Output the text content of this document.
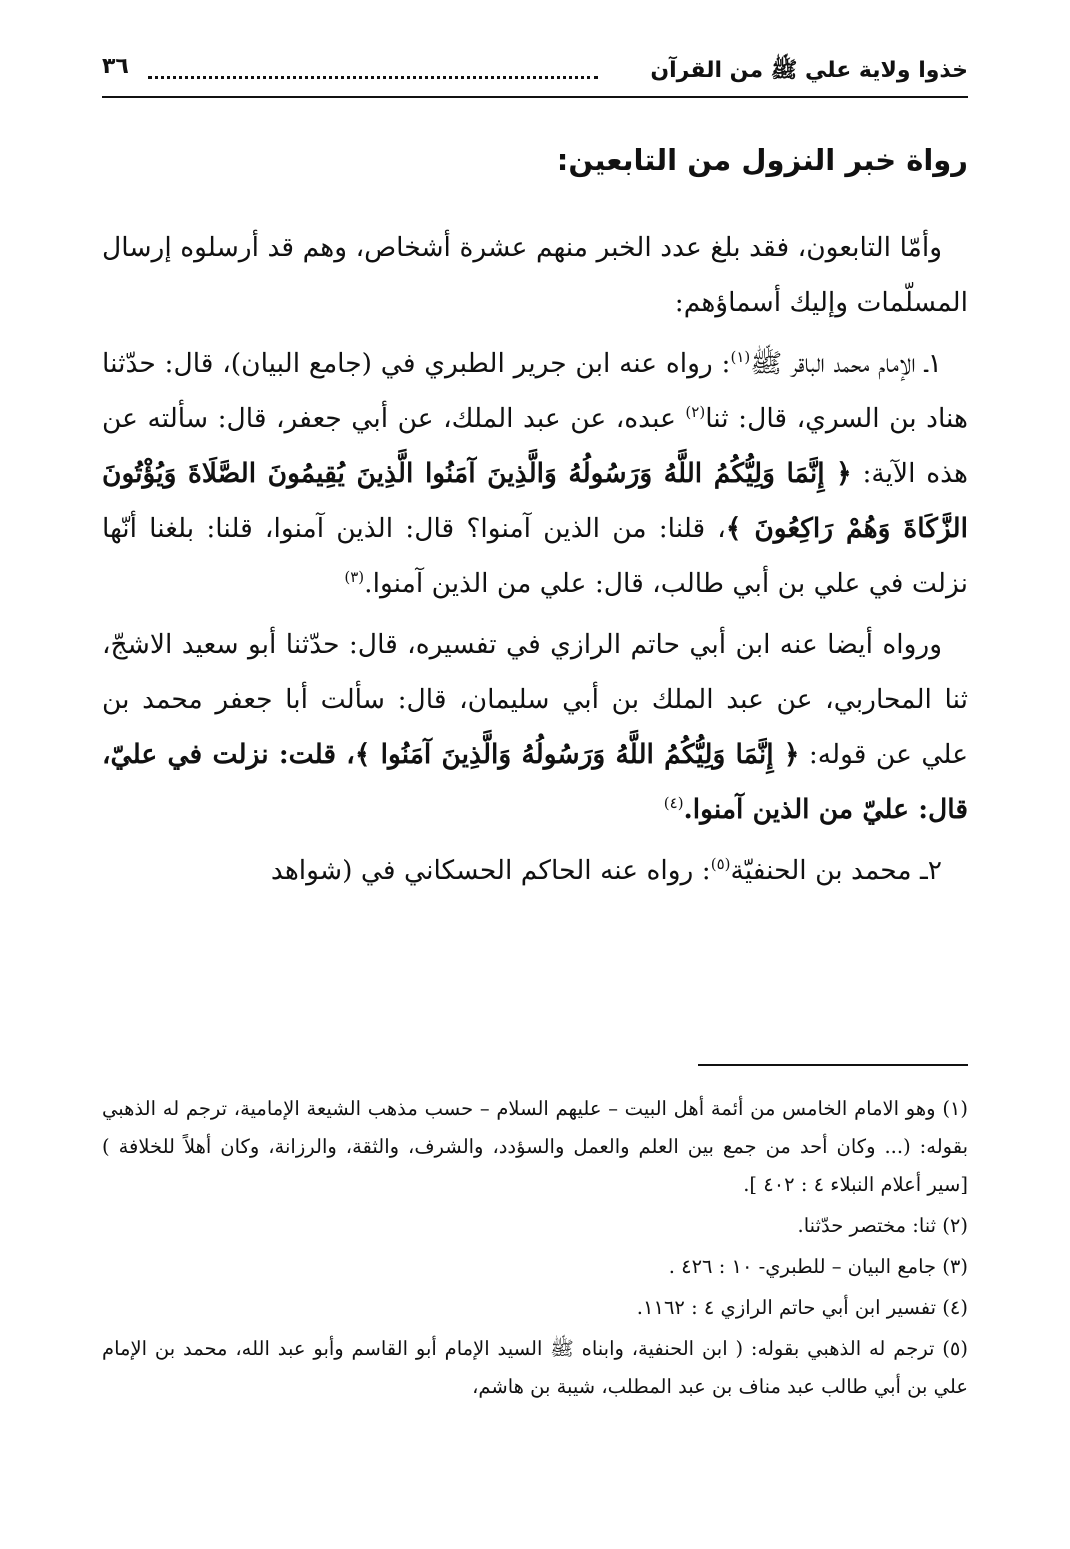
خذوا ولاية علي ﷺ من القرآن
٣٦
رواة خبر النزول من التابعين:

وأمّا التابعون، فقد بلغ عدد الخبر منهم عشرة أشخاص، وهم قد أرسلوه إرسال المسلّمات وإليك أسماؤهم:

١ـ الإمام محمد الباقر ﷺ$^{(١)}$: رواه عنه ابن جرير الطبري في (جامع البيان)، قال: حدّثنا هناد بن السري، قال: ثنا$^{(٢)}$ عبده، عن عبد الملك، عن أبي جعفر، قال: سألته عن هذه الآية: ﴿ إِنَّمَا وَلِيُّكُمُ اللَّهُ وَرَسُولُهُ وَالَّذِينَ آمَنُوا الَّذِينَ يُقِيمُونَ الصَّلَاةَ وَيُؤْتُونَ الزَّكَاةَ وَهُمْ رَاكِعُونَ ﴾، قلنا: من الذين آمنوا؟ قال: الذين آمنوا، قلنا: بلغنا أنّها نزلت في علي بن أبي طالب، قال: علي من الذين آمنوا.$^{(٣)}$

ورواه أيضا عنه ابن أبي حاتم الرازي في تفسيره، قال: حدّثنا أبو سعيد الاشجّ، ثنا المحاربي، عن عبد الملك بن أبي سليمان، قال: سألت أبا جعفر محمد بن علي عن قوله: ﴿ إِنَّمَا وَلِيُّكُمُ اللَّهُ وَرَسُولُهُ وَالَّذِينَ آمَنُوا ﴾، قلت: نزلت في عليّ، قال: عليّ من الذين آمنوا.$^{(٤)}$

٢ـ محمد بن الحنفيّة$^{(٥)}$: رواه عنه الحاكم الحسكاني في (شواهد

(١) وهو الامام الخامس من أئمة أهل البيت – عليهم السلام – حسب مذهب الشيعة الإمامية، ترجم له الذهبي بقوله: (... وكان أحد من جمع بين العلم والعمل والسؤدد، والشرف، والثقة، والرزانة، وكان أهلاً للخلافة ) [سير أعلام النبلاء ٤ : ٤٠٢ ].

(٢) ثنا: مختصر حدّثنا.

(٣) جامع البيان – للطبري- ١٠ : ٤٢٦ .

(٤) تفسير ابن أبي حاتم الرازي ٤ : ١١٦٢.

(٥) ترجم له الذهبي بقوله: ( ابن الحنفية، وابناه ﷺ السيد الإمام أبو القاسم وأبو عبد الله، محمد بن الإمام علي بن أبي طالب عبد مناف بن عبد المطلب، شيبة بن هاشم،
